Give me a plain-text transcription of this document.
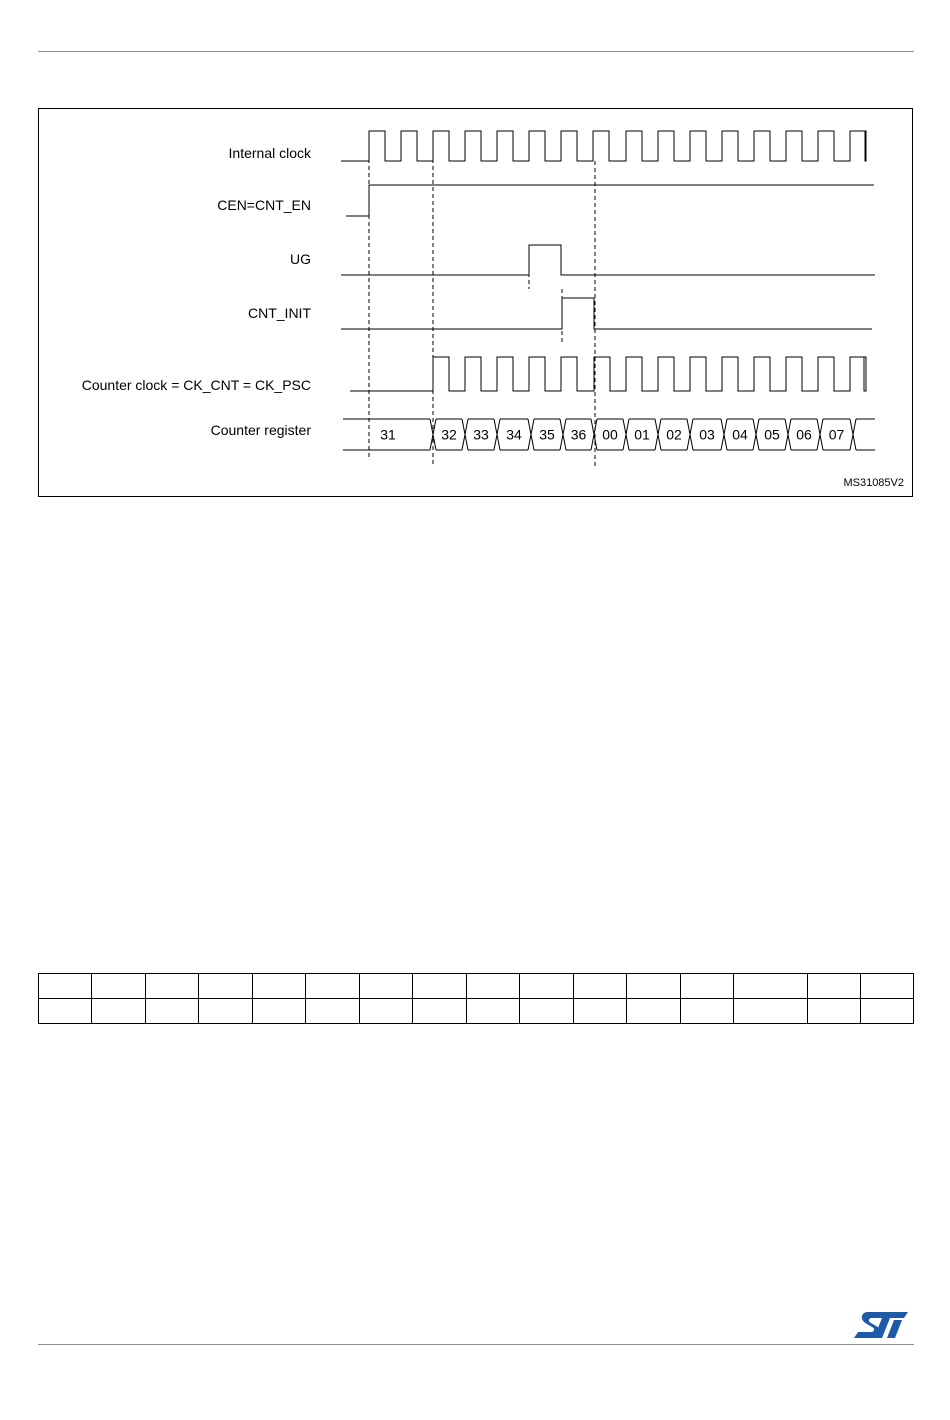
Internal clock
CEN=CNT_EN
UG
CNT_INIT
Counter clock = CK_CNT = CK_PSC
Counter register	31	32 33 34 35 36 00 01 02 03 04 05 06 07
MS31085V2
